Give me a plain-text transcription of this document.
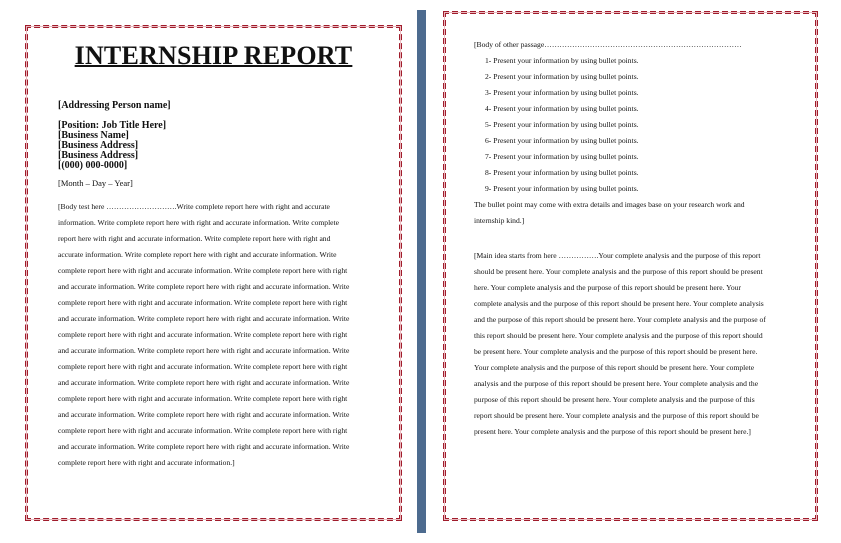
INTERNSHIP REPORT
[Addressing Person name]
[Position: Job Title Here]
[Business Name]
[Business Address]
[Business Address]
[(000) 000-0000]
[Month – Day – Year]
[Body test here ……………………….Write complete report here with right and accurate
information. Write complete report here with right and accurate information. Write complete
report here with right and accurate information. Write complete report here with right and
accurate information. Write complete report here with right and accurate information. Write
complete report here with right and accurate information. Write complete report here with right
and accurate information. Write complete report here with right and accurate information. Write
complete report here with right and accurate information. Write complete report here with right
and accurate information. Write complete report here with right and accurate information. Write
complete report here with right and accurate information. Write complete report here with right
and accurate information. Write complete report here with right and accurate information. Write
complete report here with right and accurate information. Write complete report here with right
and accurate information. Write complete report here with right and accurate information. Write
complete report here with right and accurate information. Write complete report here with right
and accurate information. Write complete report here with right and accurate information. Write
complete report here with right and accurate information. Write complete report here with right
and accurate information. Write complete report here with right and accurate information. Write
complete report here with right and accurate information.]
[Body of other passage……………………………………………………………………
1- Present your information by using bullet points.
2- Present your information by using bullet points.
3- Present your information by using bullet points.
4- Present your information by using bullet points.
5- Present your information by using bullet points.
6- Present your information by using bullet points.
7- Present your information by using bullet points.
8- Present your information by using bullet points.
9- Present your information by using bullet points.
The bullet point may come with extra details and images base on your research work and
internship kind.]
[Main idea starts from here …………….Your complete analysis and the purpose of this report
should be present here. Your complete analysis and the purpose of this report should be present
here. Your complete analysis and the purpose of this report should be present here. Your
complete analysis and the purpose of this report should be present here. Your complete analysis
and the purpose of this report should be present here. Your complete analysis and the purpose of
this report should be present here. Your complete analysis and the purpose of this report should
be present here. Your complete analysis and the purpose of this report should be present here.
Your complete analysis and the purpose of this report should be present here. Your complete
analysis and the purpose of this report should be present here. Your complete analysis and the
purpose of this report should be present here. Your complete analysis and the purpose of this
report should be present here. Your complete analysis and the purpose of this report should be
present here. Your complete analysis and the purpose of this report should be present here.]
